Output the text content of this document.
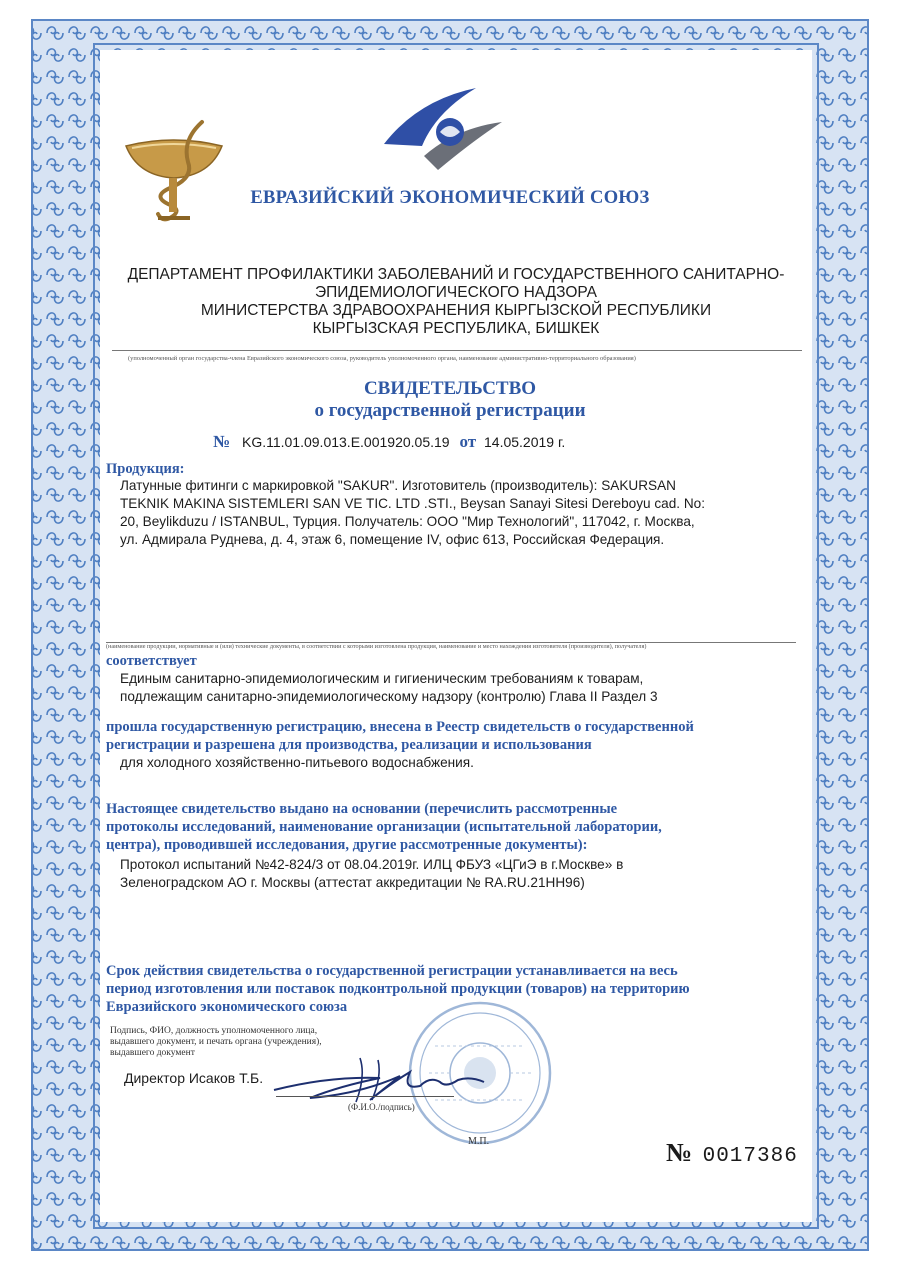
ЕВРАЗИЙСКИЙ ЭКОНОМИЧЕСКИЙ СОЮЗ
ДЕПАРТАМЕНТ ПРОФИЛАКТИКИ ЗАБОЛЕВАНИЙ И ГОСУДАРСТВЕННОГО САНИТАРНО-
ЭПИДЕМИОЛОГИЧЕСКОГО НАДЗОРА
МИНИСТЕРСТВА ЗДРАВООХРАНЕНИЯ КЫРГЫЗСКОЙ РЕСПУБЛИКИ
КЫРГЫЗСКАЯ РЕСПУБЛИКА, БИШКЕК
(уполномоченный орган государства-члена Евразийского экономического союза, руководитель уполномоченного органа, наименование административно-территориального образования)
СВИДЕТЕЛЬСТВО
о государственной регистрации
№ KG.11.01.09.013.E.001920.05.19 от 14.05.2019 г.
Продукция:
Латунные фитинги с маркировкой "SAKUR". Изготовитель (производитель): SAKURSAN
TEKNIK MAKINA SISTEMLERI SAN VE TIC. LTD .STI., Beysan Sanayi Sitesi Dereboyu cad. No:
20, Beylikduzu / ISTANBUL, Турция. Получатель: ООО "Мир Технологий", 117042, г. Москва,
ул. Адмирала Руднева, д. 4, этаж 6, помещение IV, офис 613, Российская Федерация.
(наименование продукции, нормативные и (или) технические документы, в соответствии с которыми изготовлена продукция, наименование и место нахождения изготовителя (производителя), получателя)
соответствует
Единым санитарно-эпидемиологическим и гигиеническим требованиям к товарам,
подлежащим санитарно-эпидемиологическому надзору (контролю) Глава II Раздел 3
прошла государственную регистрацию, внесена в Реестр свидетельств о государственной
регистрации и разрешена для производства, реализации и использования
для холодного хозяйственно-питьевого водоснабжения.
Настоящее свидетельство выдано на основании (перечислить рассмотренные
протоколы исследований, наименование организации (испытательной лаборатории,
центра), проводившей исследования, другие рассмотренные документы):
Протокол испытаний №42-824/3 от 08.04.2019г. ИЛЦ ФБУЗ «ЦГиЭ в г.Москве» в
Зеленоградском АО г. Москвы (аттестат аккредитации № RA.RU.21HH96)
Срок действия свидетельства о государственной регистрации устанавливается на весь
период изготовления или поставок подконтрольной продукции (товаров) на территорию
Евразийского экономического союза
Подпись, ФИО, должность уполномоченного лица,
выдавшего документ, и печать органа (учреждения),
выдавшего документ
Директор Исаков Т.Б.
(Ф.И.О./подпись)
М.П.	№ 0017386
